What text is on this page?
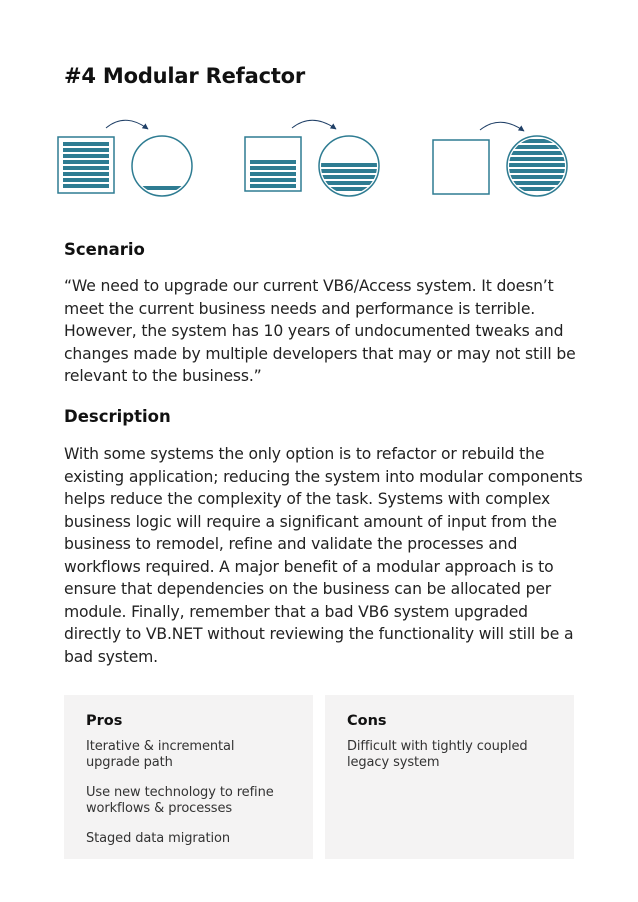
#4 Modular Refactor
Scenario

“We need to upgrade our current VB6/Access system. It doesn’t meet the current business needs and performance is terrible. However, the system has 10 years of undocumented tweaks and changes made by multiple developers that may or may not still be relevant to the business.”

Description

With some systems the only option is to refactor or rebuild the existing application; reducing the system into modular components helps reduce the complexity of the task. Systems with complex business logic will require a significant amount of input from the business to remodel, refine and validate the processes and workflows required. A major benefit of a modular approach is to ensure that dependencies on the business can be allocated per module. Finally, remember that a bad VB6 system upgraded directly to VB.NET without reviewing the functionality will still be a bad system.

Pros
Iterative & incremental upgrade path
Use new technology to refine workflows & processes
Staged data migration
Cons
Difficult with tightly coupled legacy system
